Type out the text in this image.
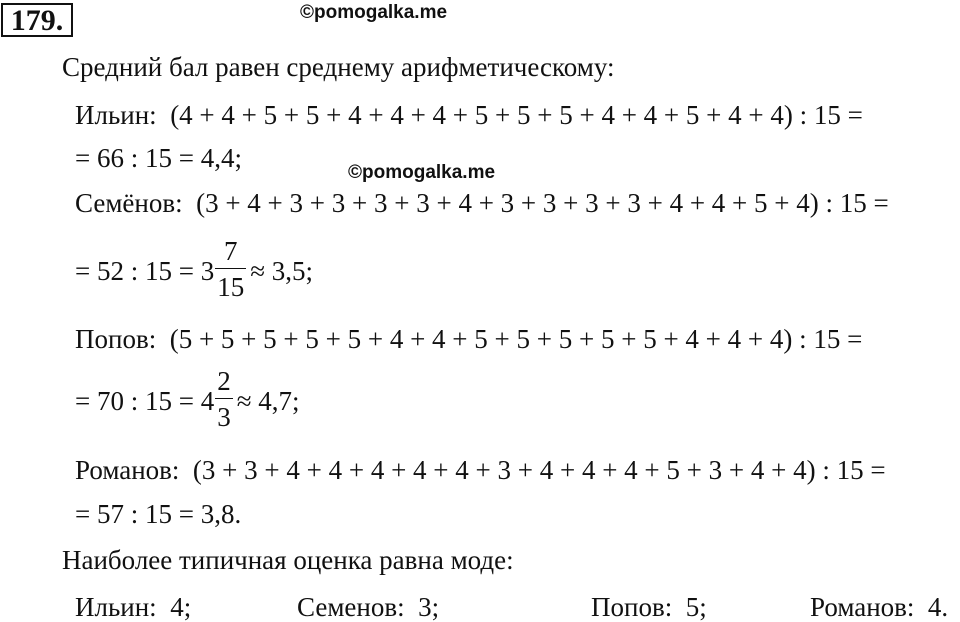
179.	©pomogalka.me
Средний бал равен среднему арифметическому:
Ильин: (4 + 4 + 5 + 5 + 4 + 4 + 4 + 5 + 5 + 5 + 4 + 4 + 5 + 4 + 4) : 15 =
= 66 : 15 = 4,4;	©pomogalka.me
Семёнов: (3 + 4 + 3 + 3 + 3 + 3 + 4 + 3 + 3 + 3 + 3 + 4 + 4 + 5 + 4) : 15 =
= 52 : $15 = 3 \frac{7}{15} \approx 3,5$;
Попов: (5 + 5 + 5 + 5 + 5 + 4 + 4 + 5 + 5 + 5 + 5 + 5 + 4 + 4 + 4) : 15 =
= 70 : $15 = 4 \frac{2}{3} \approx 4,7$;
Романов: (3 + 3 + 4 + 4 + 4 + 4 + 4 + 3 + 4 + 4 + 4 + 5 + 3 + 4 + 4) : 15 =
= 57 : 15 = 3,8.
Наиболее типичная оценка равна моде:
Ильин: 4;	Семенов: 3;	Попов: 5;	Романов: 4.
